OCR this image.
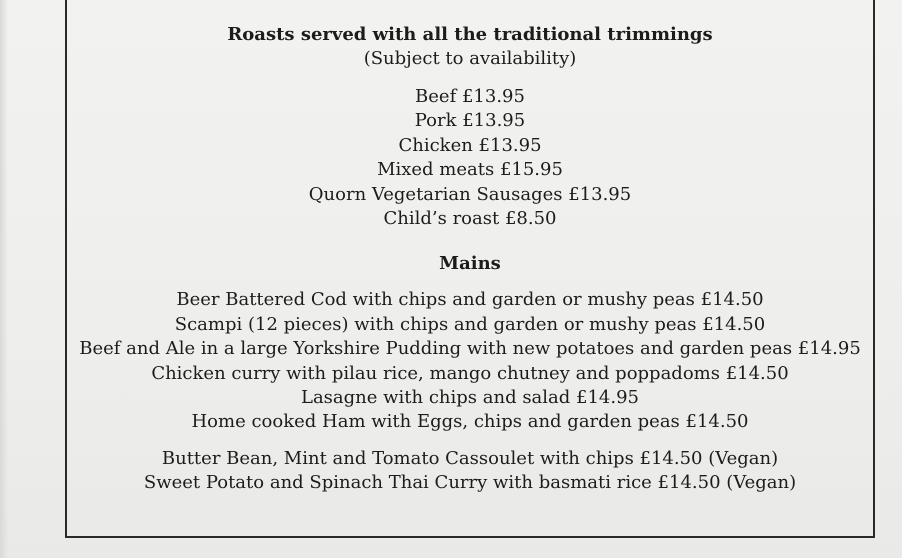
Roasts served with all the traditional trimmings
(Subject to availability)
Beef £13.95
Pork £13.95
Chicken £13.95
Mixed meats £15.95
Quorn Vegetarian Sausages £13.95
Child’s roast £8.50
Mains
Beer Battered Cod with chips and garden or mushy peas £14.50
Scampi (12 pieces) with chips and garden or mushy peas £14.50
Beef and Ale in a large Yorkshire Pudding with new potatoes and garden peas £14.95
Chicken curry with pilau rice, mango chutney and poppadoms £14.50
Lasagne with chips and salad £14.95
Home cooked Ham with Eggs, chips and garden peas £14.50
Butter Bean, Mint and Tomato Cassoulet with chips £14.50 (Vegan)
Sweet Potato and Spinach Thai Curry with basmati rice £14.50 (Vegan)
